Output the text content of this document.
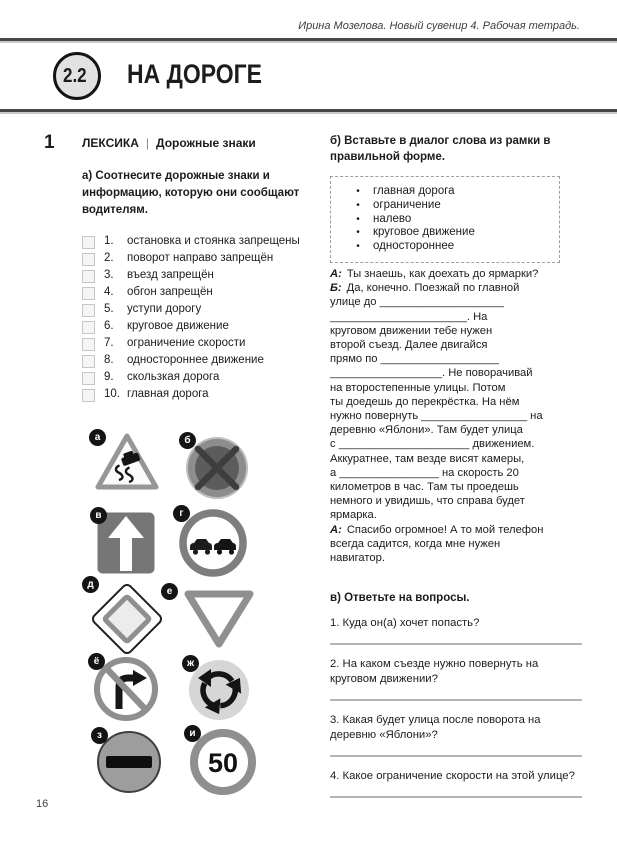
Ирина Мозелова. Новый сувенир 4. Рабочая тетрадь.
2.2 НА ДОРОГЕ
1 ЛЕКСИКА | Дорожные знаки
а) Соотнесите дорожные знаки и информацию, которую они сообщают водителям.
1.	остановка и стоянка запрещены
2.	поворот направо запрещён
3.	въезд запрещён
4.	обгон запрещён
5.	уступи дорогу
6.	круговое движение
7.	ограничение скорости
8.	одностороннее движение
9.	скользкая дорога
10. главная дорога
а	б
в	г
д
е
ё	ж
з	и
50
б) Вставьте в диалог слова из рамки в правильной форме.
•	главная дорога
•	ограничение
•	налево
•	круговое движение
•	одностороннее
А: Ты знаешь, как доехать до ярмарки?
Б: Да, конечно. Поезжай по главной
улице до ____________________
______________________. На
круговом движении тебе нужен
второй съезд. Далее двигайся
прямо по ___________________
__________________. Не поворачивай
на второстепенные улицы. Потом
ты доедешь до перекрёстка. На нём
нужно повернуть _________________ на
деревню «Яблони». Там будет улица
с _____________________ движением.
Аккуратнее, там везде висят камеры,
а ________________ на скорость 20
километров в час. Там ты проедешь
немного и увидишь, что справа будет
ярмарка.
А: Спасибо огромное! А то мой телефон
всегда садится, когда мне нужен
навигатор.
в) Ответьте на вопросы.
1. Куда он(а) хочет попасть?
2. На каком съезде нужно повернуть на круговом движении?
3. Какая будет улица после поворота на деревню «Яблони»?
4. Какое ограничение скорости на этой улице?
16
